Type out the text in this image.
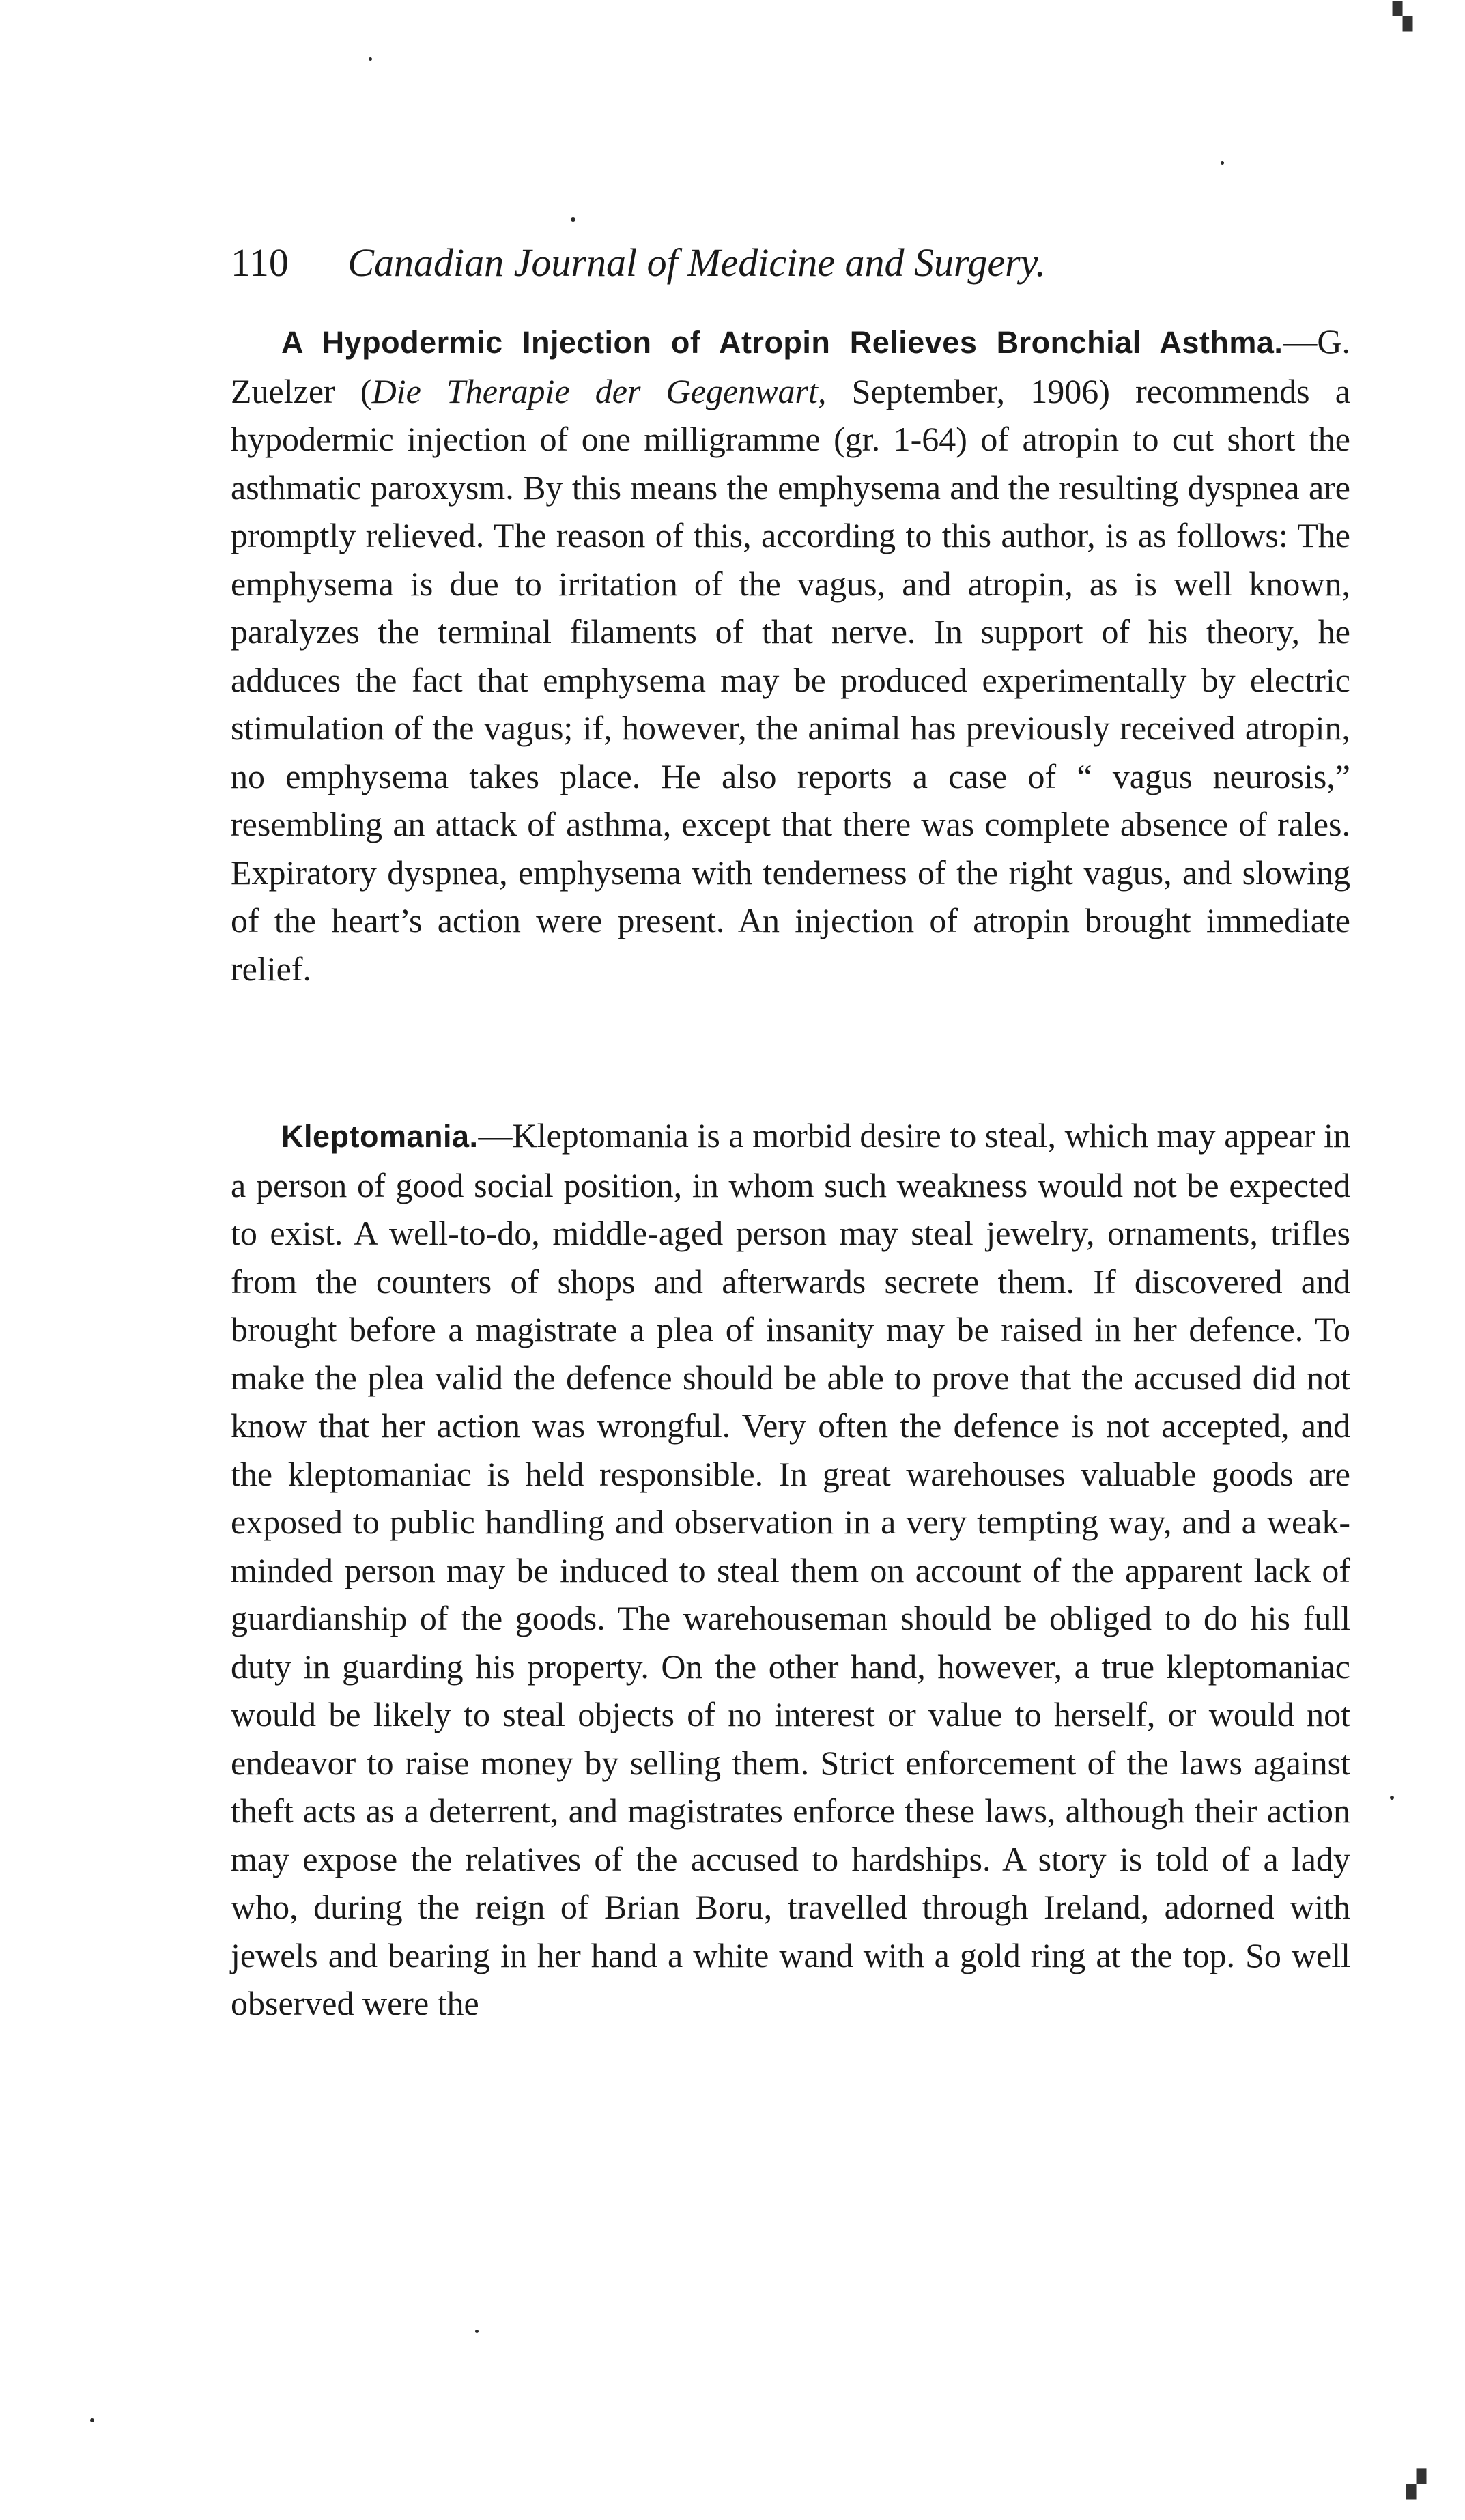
110 Canadian Journal of Medicine and Surgery.

A Hypodermic Injection of Atropin Relieves Bronchial Asthma.—G. Zuelzer (Die Therapie der Gegenwart, September, 1906) recommends a hypodermic injection of one milligramme (gr. 1-64) of atropin to cut short the asthmatic paroxysm. By this means the emphysema and the resulting dyspnea are promptly relieved. The reason of this, according to this author, is as follows: The emphysema is due to irritation of the vagus, and atropin, as is well known, paralyzes the terminal filaments of that nerve. In support of his theory, he adduces the fact that emphysema may be produced experimentally by electric stimulation of the vagus; if, however, the animal has previously received atropin, no emphysema takes place. He also reports a case of “ vagus neurosis,” resembling an attack of asthma, except that there was complete absence of rales. Expiratory dyspnea, emphysema with tenderness of the right vagus, and slowing of the heart’s action were present. An injection of atropin brought immediate relief.

Kleptomania.—Kleptomania is a morbid desire to steal, which may appear in a person of good social position, in whom such weakness would not be expected to exist. A well-to-do, middle-aged person may steal jewelry, ornaments, trifles from the counters of shops and afterwards secrete them. If discovered and brought before a magistrate a plea of insanity may be raised in her defence. To make the plea valid the defence should be able to prove that the accused did not know that her action was wrongful. Very often the defence is not accepted, and the kleptomaniac is held responsible. In great warehouses valuable goods are exposed to public handling and observation in a very tempting way, and a weak-minded person may be induced to steal them on account of the apparent lack of guardianship of the goods. The warehouseman should be obliged to do his full duty in guarding his property. On the other hand, however, a true kleptomaniac would be likely to steal objects of no interest or value to herself, or would not endeavor to raise money by selling them. Strict enforcement of the laws against theft acts as a deterrent, and magistrates enforce these laws, although their action may expose the relatives of the accused to hardships. A story is told of a lady who, during the reign of Brian Boru, travelled through Ireland, adorned with jewels and bearing in her hand a white wand with a gold ring at the top. So well observed were the

▚
▞
